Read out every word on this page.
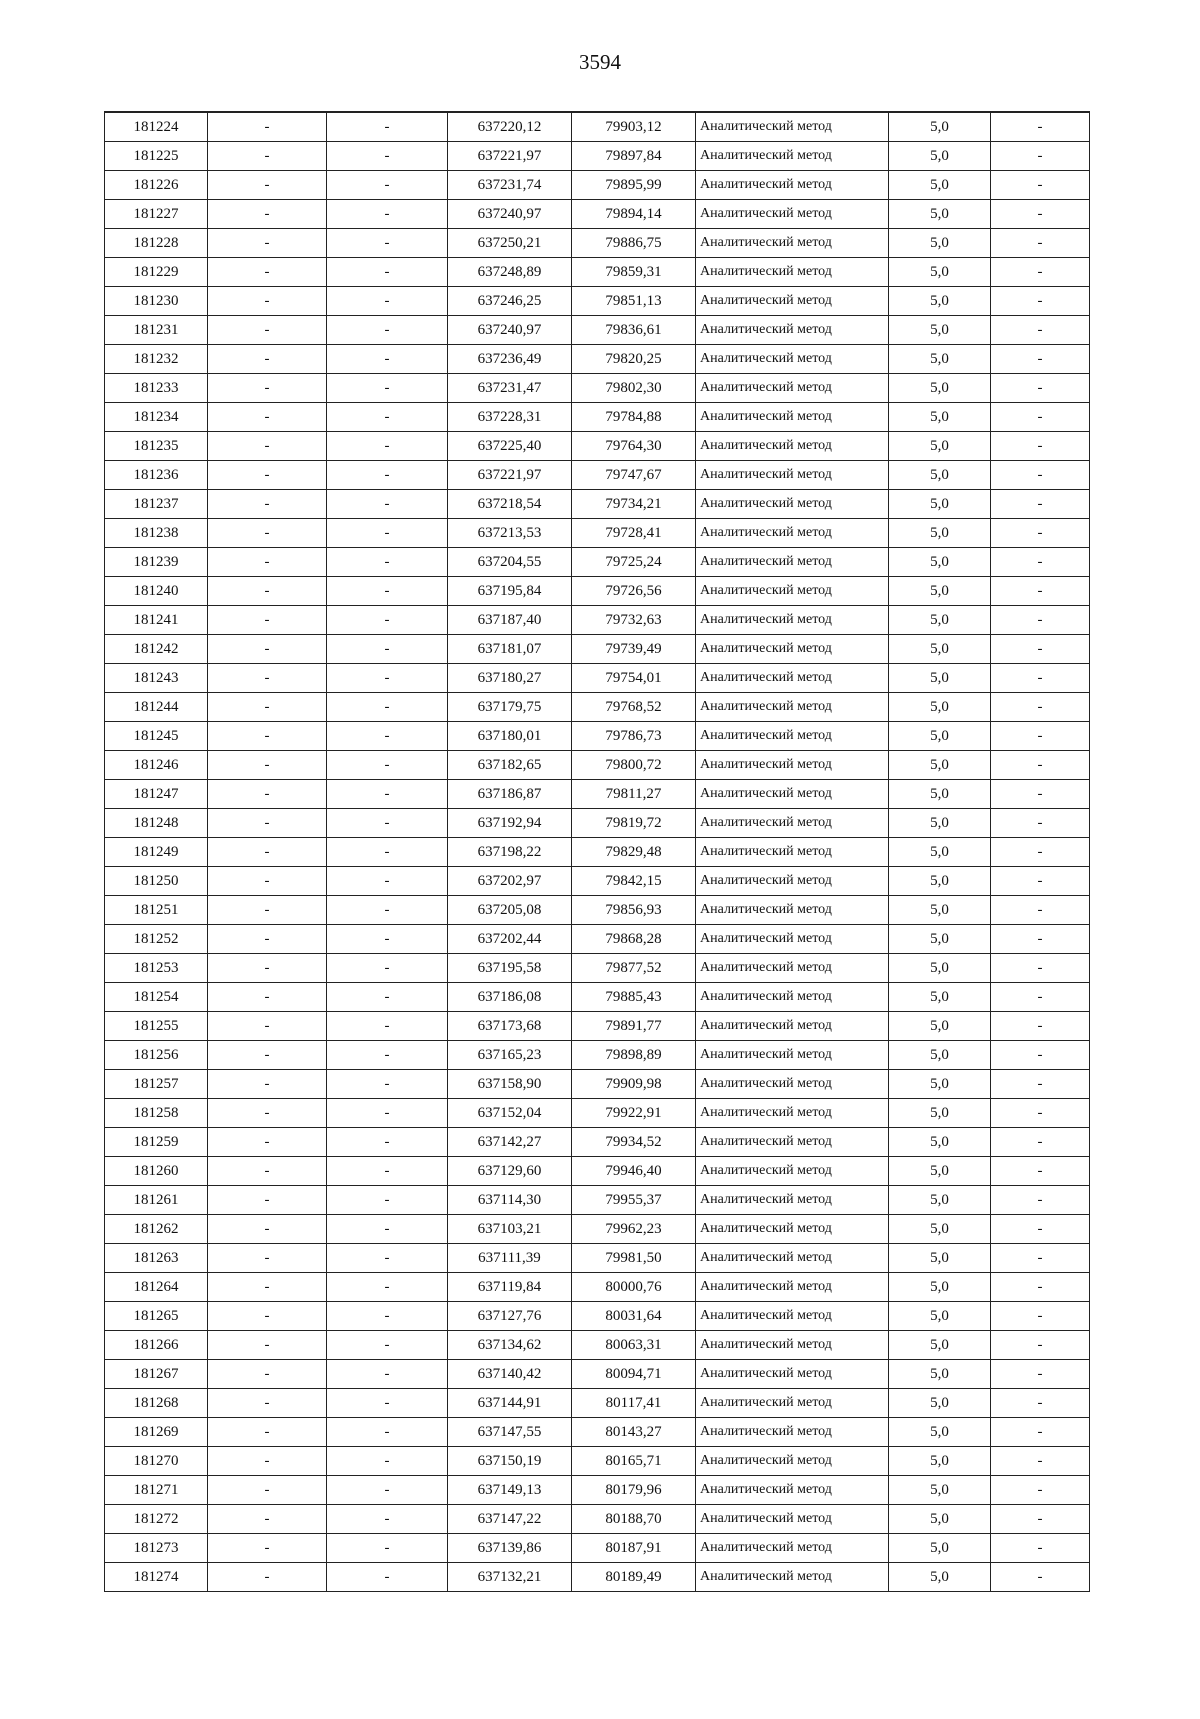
3594
181224	-	-	637220,12	79903,12	Аналитический метод	5,0	-
181225	-	-	637221,97	79897,84	Аналитический метод	5,0	-
181226	-	-	637231,74	79895,99	Аналитический метод	5,0	-
181227	-	-	637240,97	79894,14	Аналитический метод	5,0	-
181228	-	-	637250,21	79886,75	Аналитический метод	5,0	-
181229	-	-	637248,89	79859,31	Аналитический метод	5,0	-
181230	-	-	637246,25	79851,13	Аналитический метод	5,0	-
181231	-	-	637240,97	79836,61	Аналитический метод	5,0	-
181232	-	-	637236,49	79820,25	Аналитический метод	5,0	-
181233	-	-	637231,47	79802,30	Аналитический метод	5,0	-
181234	-	-	637228,31	79784,88	Аналитический метод	5,0	-
181235	-	-	637225,40	79764,30	Аналитический метод	5,0	-
181236	-	-	637221,97	79747,67	Аналитический метод	5,0	-
181237	-	-	637218,54	79734,21	Аналитический метод	5,0	-
181238	-	-	637213,53	79728,41	Аналитический метод	5,0	-
181239	-	-	637204,55	79725,24	Аналитический метод	5,0	-
181240	-	-	637195,84	79726,56	Аналитический метод	5,0	-
181241	-	-	637187,40	79732,63	Аналитический метод	5,0	-
181242	-	-	637181,07	79739,49	Аналитический метод	5,0	-
181243	-	-	637180,27	79754,01	Аналитический метод	5,0	-
181244	-	-	637179,75	79768,52	Аналитический метод	5,0	-
181245	-	-	637180,01	79786,73	Аналитический метод	5,0	-
181246	-	-	637182,65	79800,72	Аналитический метод	5,0	-
181247	-	-	637186,87	79811,27	Аналитический метод	5,0	-
181248	-	-	637192,94	79819,72	Аналитический метод	5,0	-
181249	-	-	637198,22	79829,48	Аналитический метод	5,0	-
181250	-	-	637202,97	79842,15	Аналитический метод	5,0	-
181251	-	-	637205,08	79856,93	Аналитический метод	5,0	-
181252	-	-	637202,44	79868,28	Аналитический метод	5,0	-
181253	-	-	637195,58	79877,52	Аналитический метод	5,0	-
181254	-	-	637186,08	79885,43	Аналитический метод	5,0	-
181255	-	-	637173,68	79891,77	Аналитический метод	5,0	-
181256	-	-	637165,23	79898,89	Аналитический метод	5,0	-
181257	-	-	637158,90	79909,98	Аналитический метод	5,0	-
181258	-	-	637152,04	79922,91	Аналитический метод	5,0	-
181259	-	-	637142,27	79934,52	Аналитический метод	5,0	-
181260	-	-	637129,60	79946,40	Аналитический метод	5,0	-
181261	-	-	637114,30	79955,37	Аналитический метод	5,0	-
181262	-	-	637103,21	79962,23	Аналитический метод	5,0	-
181263	-	-	637111,39	79981,50	Аналитический метод	5,0	-
181264	-	-	637119,84	80000,76	Аналитический метод	5,0	-
181265	-	-	637127,76	80031,64	Аналитический метод	5,0	-
181266	-	-	637134,62	80063,31	Аналитический метод	5,0	-
181267	-	-	637140,42	80094,71	Аналитический метод	5,0	-
181268	-	-	637144,91	80117,41	Аналитический метод	5,0	-
181269	-	-	637147,55	80143,27	Аналитический метод	5,0	-
181270	-	-	637150,19	80165,71	Аналитический метод	5,0	-
181271	-	-	637149,13	80179,96	Аналитический метод	5,0	-
181272	-	-	637147,22	80188,70	Аналитический метод	5,0	-
181273	-	-	637139,86	80187,91	Аналитический метод	5,0	-
181274	-	-	637132,21	80189,49	Аналитический метод	5,0	-
